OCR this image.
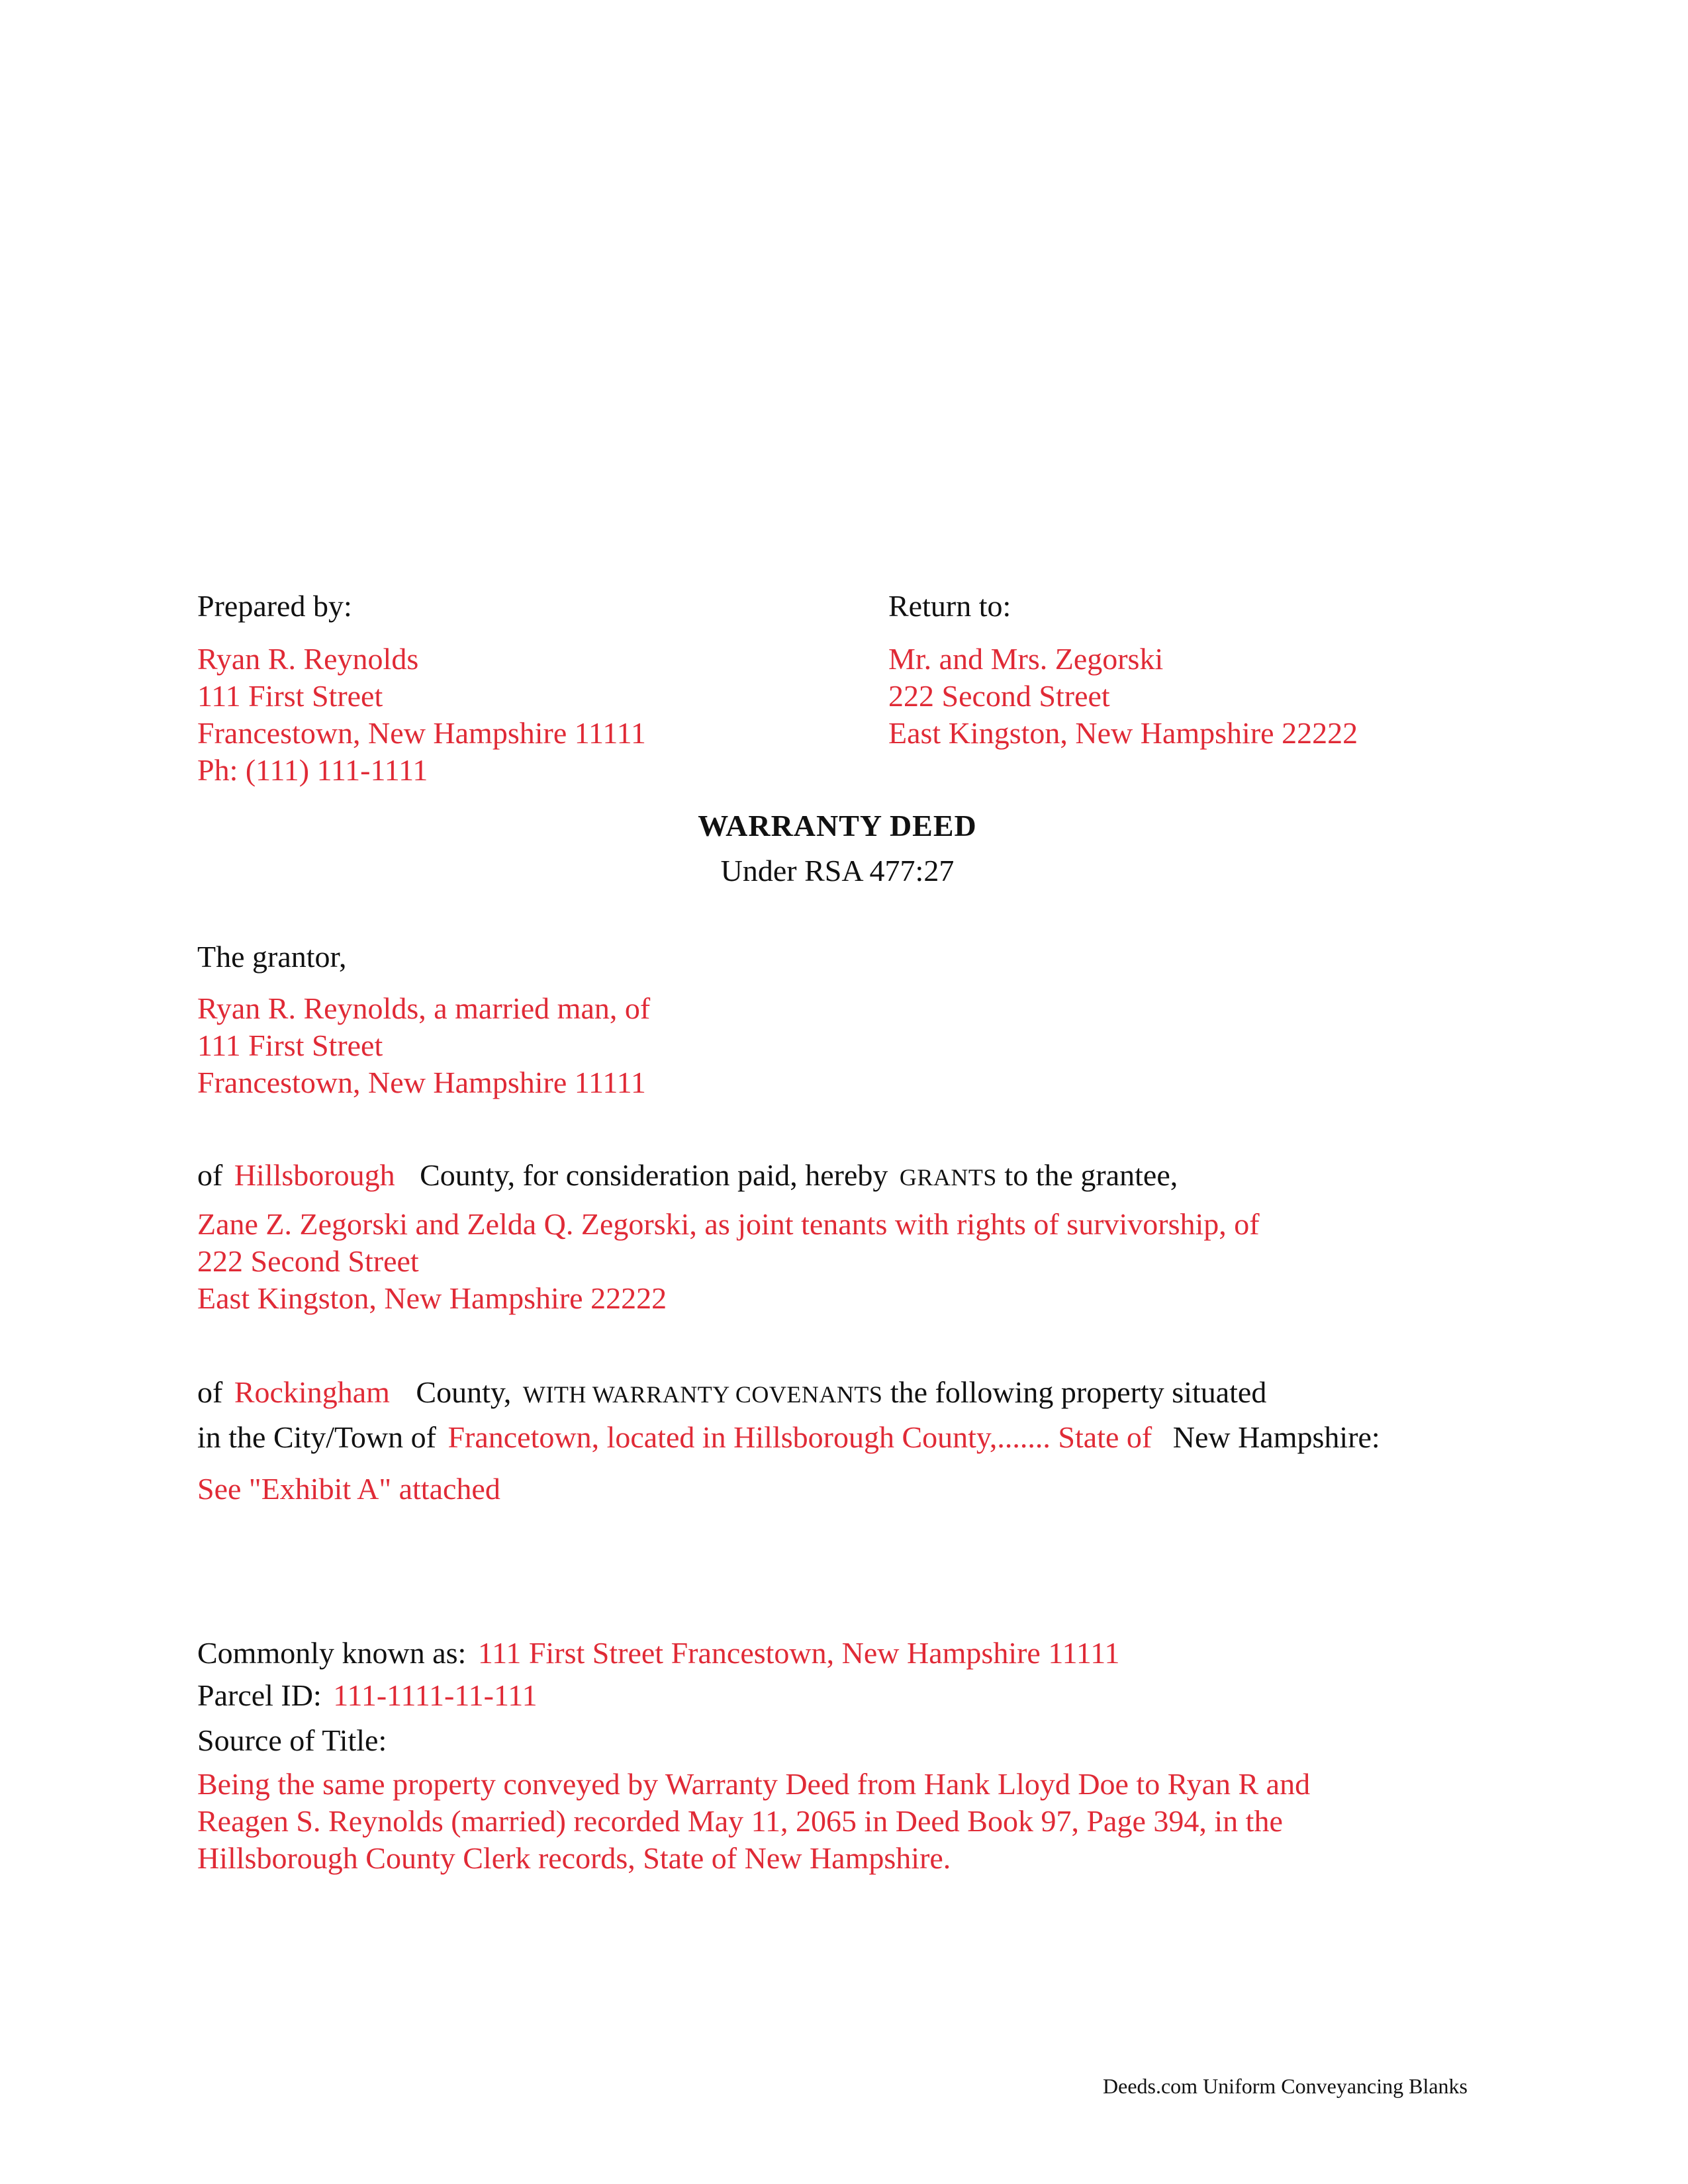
Prepared by:
Ryan R. Reynolds
111 First Street
Francestown, New Hampshire 11111
Ph: (111) 111-1111
Return to:
Mr. and Mrs. Zegorski
222 Second Street
East Kingston, New Hampshire 22222
WARRANTY DEED
Under RSA 477:27
The grantor,
Ryan R. Reynolds, a married man, of
111 First Street
Francestown, New Hampshire 11111
of Hillsborough County, for consideration paid, hereby GRANTS to the grantee,
Zane Z. Zegorski and Zelda Q. Zegorski, as joint tenants with rights of survivorship, of
222 Second Street
East Kingston, New Hampshire 22222
of Rockingham County, WITH WARRANTY COVENANTS the following property situated
in the City/Town of Francetown, located in Hillsborough County,....... State of New Hampshire:
See "Exhibit A" attached
Commonly known as: 111 First Street Francestown, New Hampshire 11111
Parcel ID: 111-1111-11-111
Source of Title:
Being the same property conveyed by Warranty Deed from Hank Lloyd Doe to Ryan R and
Reagen S. Reynolds (married) recorded May 11, 2065 in Deed Book 97, Page 394, in the
Hillsborough County Clerk records, State of New Hampshire.
Deeds.com Uniform Conveyancing Blanks
